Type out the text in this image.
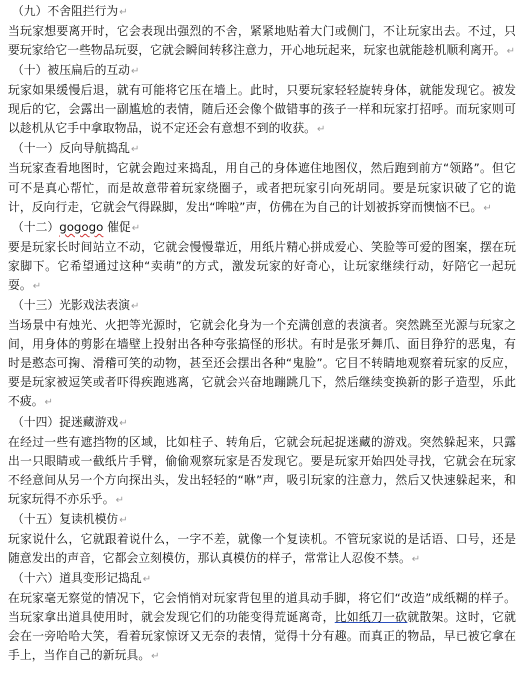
（九）不舍阻拦行为↵
当玩家想要离开时，它会表现出强烈的不舍，紧紧地贴着大门或侧门，不让玩家出去。不过，只要玩家给它一些物品玩耍，它就会瞬间转移注意力，开心地玩起来，玩家也就能趁机顺利离开。↵
（十）被压扁后的互动↵
玩家如果缓慢后退，就有可能将它压在墙上。此时，只要玩家轻轻旋转身体，就能发现它。被发现后的它，会露出一副尴尬的表情，随后还会像个做错事的孩子一样和玩家打招呼。而玩家则可以趁机从它手中拿取物品，说不定还会有意想不到的收获。↵
（十一）反向导航捣乱↵
当玩家查看地图时，它就会跑过来捣乱，用自己的身体遮住地图仪，然后跑到前方“领路”。但它可不是真心帮忙，而是故意带着玩家绕圈子，或者把玩家引向死胡同。要是玩家识破了它的诡计，反向行走，它就会气得跺脚，发出“哞啦”声，仿佛在为自己的计划被拆穿而懊恼不已。↵
（十二）gogogo 催促↵
要是玩家长时间站立不动，它就会慢慢靠近，用纸片精心拼成爱心、笑脸等可爱的图案，摆在玩家脚下。它希望通过这种“卖萌”的方式，激发玩家的好奇心，让玩家继续行动，好陪它一起玩耍。↵
（十三）光影戏法表演↵
当场景中有烛光、火把等光源时，它就会化身为一个充满创意的表演者。突然跳至光源与玩家之间，用身体的剪影在墙壁上投射出各种夸张搞怪的形状。有时是张牙舞爪、面目狰狞的恶鬼，有时是憨态可掬、滑稽可笑的动物，甚至还会摆出各种“鬼脸”。它目不转睛地观察着玩家的反应，要是玩家被逗笑或者吓得疾跑逃离，它就会兴奋地蹦跳几下，然后继续变换新的影子造型，乐此不疲。↵
（十四）捉迷藏游戏↵
在经过一些有遮挡物的区域，比如柱子、转角后，它就会玩起捉迷藏的游戏。突然躲起来，只露出一只眼睛或一截纸片手臂，偷偷观察玩家是否发现它。要是玩家开始四处寻找，它就会在玩家不经意间从另一个方向探出头，发出轻轻的“咻”声，吸引玩家的注意力，然后又快速躲起来，和玩家玩得不亦乐乎。↵
（十五）复读机模仿↵
玩家说什么，它就跟着说什么，一字不差，就像一个复读机。不管玩家说的是话语、口号，还是随意发出的声音，它都会立刻模仿，那认真模仿的样子，常常让人忍俊不禁。↵
（十六）道具变形记捣乱↵
在玩家毫无察觉的情况下，它会悄悄对玩家背包里的道具动手脚，将它们“改造”成纸糊的样子。当玩家拿出道具使用时，就会发现它们的功能变得荒诞离奇，比如纸刀一砍就散架。这时，它就会在一旁哈哈大笑，看着玩家惊讶又无奈的表情，觉得十分有趣。而真正的物品，早已被它拿在手上，当作自己的新玩具。↵
